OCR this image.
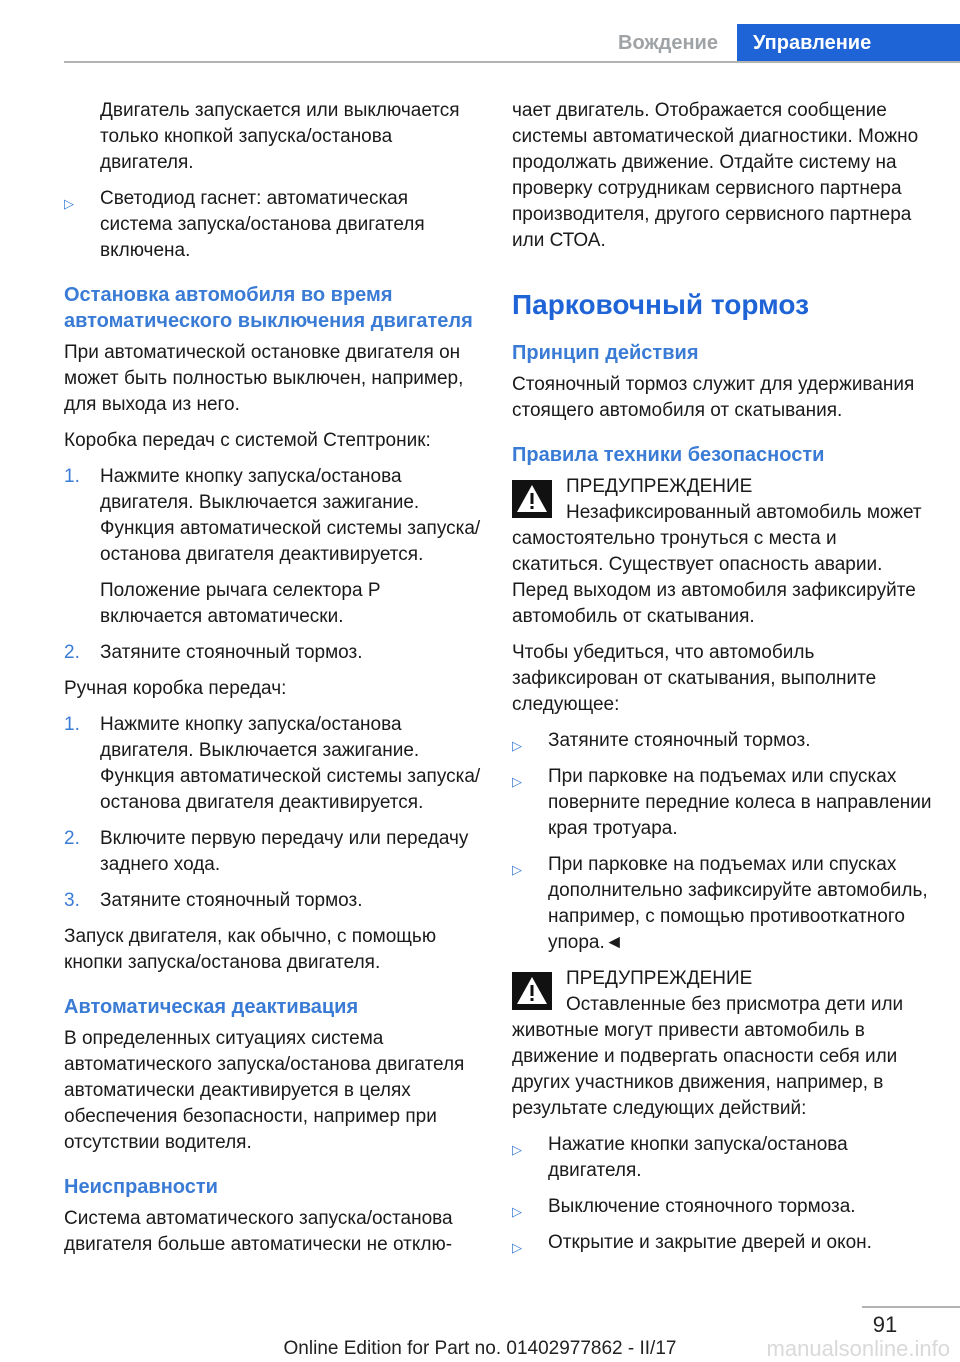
Вождение	Управление

Двигатель запускается или выключается только кнопкой запуска/останова двигателя.

▷ Светодиод гаснет: автоматическая система запуска/останова двигателя включена.
Остановка автомобиля во время автоматического выключения двигателя

При автоматической остановке двигателя он может быть полностью выключен, например, для выхода из него.

Коробка передач с системой Стептроник:

1. Нажмите кнопку запуска/останова двигателя. Выключается зажигание. Функция автоматической системы запуска/останова двигателя деактивируется.

Положение рычага селектора P включается автоматически.

2. Затяните стояночный тормоз.

Ручная коробка передач:

1. Нажмите кнопку запуска/останова двигателя. Выключается зажигание. Функция автоматической системы запуска/останова двигателя деактивируется.
2. Включите первую передачу или передачу заднего хода.
3. Затяните стояночный тормоз.

Запуск двигателя, как обычно, с помощью кнопки запуска/останова двигателя.

Автоматическая деактивация

В определенных ситуациях система автоматического запуска/останова двигателя автоматически деактивируется в целях обеспечения безопасности, например при отсутствии водителя.

Неисправности

Система автоматического запуска/останова двигателя больше автоматически не отклю-

чает двигатель. Отображается сообщение системы автоматической диагностики. Можно продолжать движение. Отдайте систему на проверку сотрудникам сервисного партнера производителя, другого сервисного партнера или СТОА.

Парковочный тормоз
Принцип действия

Стояночный тормоз служит для удерживания стоящего автомобиля от скатывания.

Правила техники безопасности
ПРЕДУПРЕЖДЕНИЕ

Незафиксированный автомобиль может самостоятельно тронуться с места и скатиться. Существует опасность аварии. Перед выходом из автомобиля зафиксируйте автомобиль от скатывания.

Чтобы убедиться, что автомобиль зафиксирован от скатывания, выполните следующее:

▷ Затяните стояночный тормоз.
▷ При парковке на подъемах или спусках поверните передние колеса в направлении края тротуара.
▷ При парковке на подъемах или спусках дополнительно зафиксируйте автомобиль, например, с помощью противооткатного упора.◄
ПРЕДУПРЕЖДЕНИЕ

Оставленные без присмотра дети или животные могут привести автомобиль в движение и подвергать опасности себя или других участников движения, например, в результате следующих действий:

▷ Нажатие кнопки запуска/останова двигателя.
▷ Выключение стояночного тормоза.
▷ Открытие и закрытие дверей и окон.
91
manualsonline.info
Online Edition for Part no. 01402977862 - II/17
